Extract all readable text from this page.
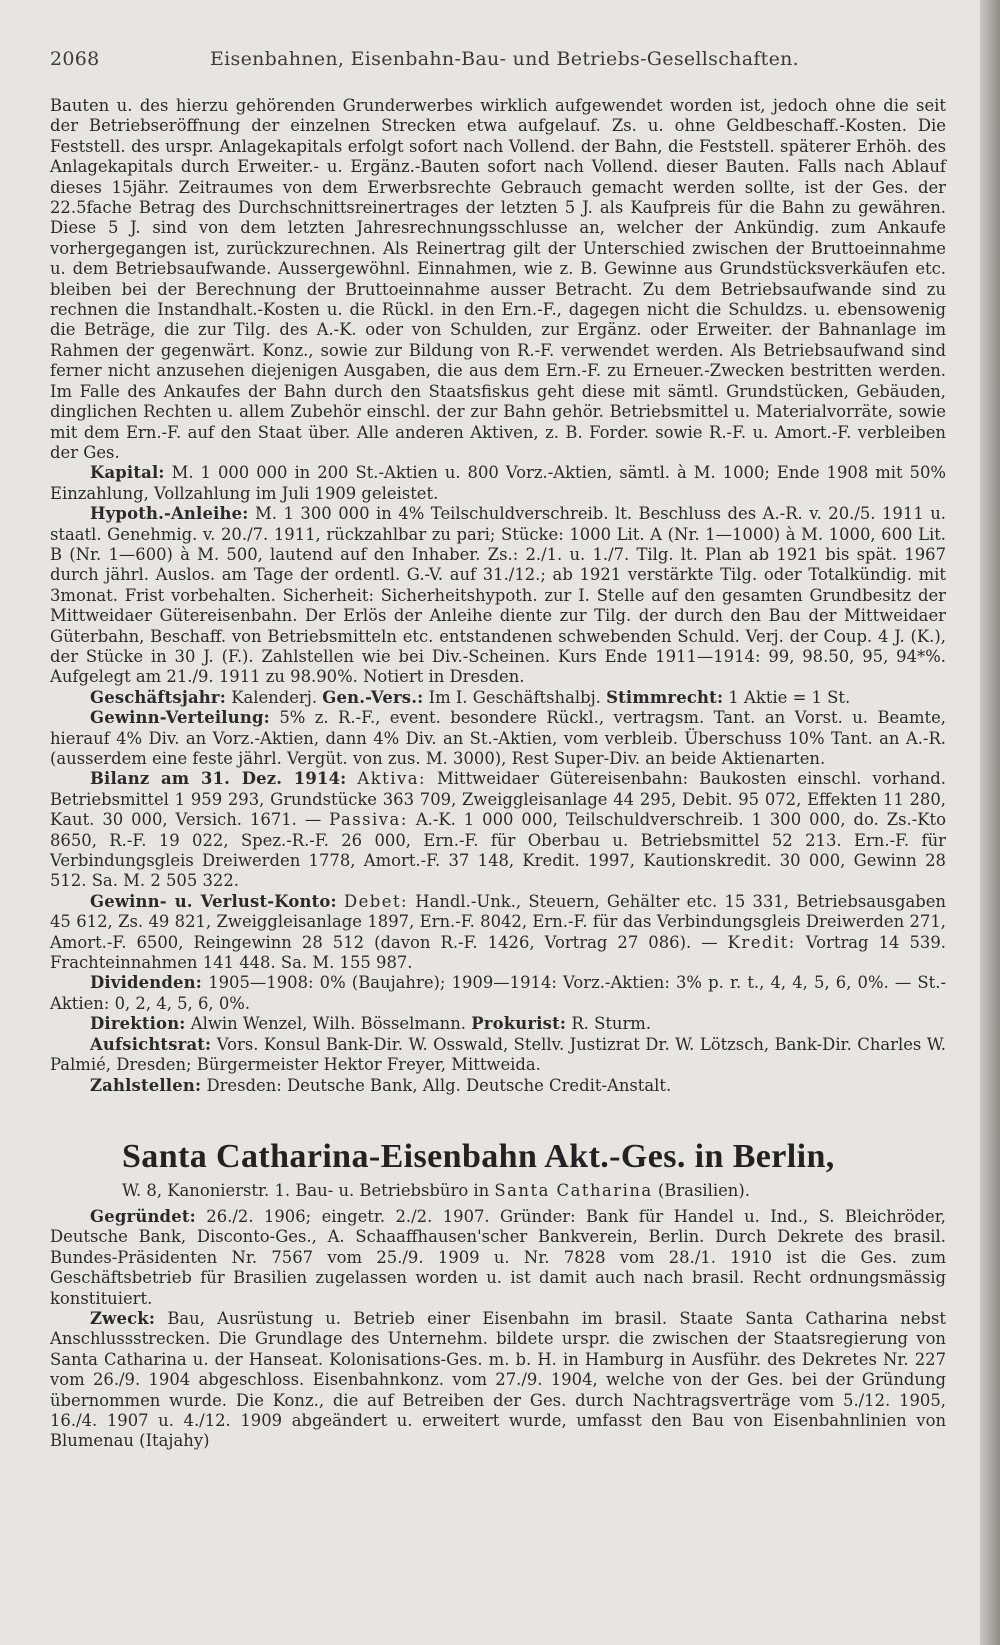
2068	Eisenbahnen, Eisenbahn-Bau- und Betriebs-Gesellschaften.

Bauten u. des hierzu gehörenden Grunderwerbes wirklich aufgewendet worden ist, jedoch ohne die seit der Betriebseröffnung der einzelnen Strecken etwa aufgelauf. Zs. u. ohne Geldbeschaff.-Kosten. Die Feststell. des urspr. Anlagekapitals erfolgt sofort nach Vollend. der Bahn, die Feststell. späterer Erhöh. des Anlagekapitals durch Erweiter.- u. Ergänz.-Bauten sofort nach Vollend. dieser Bauten. Falls nach Ablauf dieses 15jähr. Zeitraumes von dem Erwerbsrechte Gebrauch gemacht werden sollte, ist der Ges. der 22.5fache Betrag des Durchschnittsreinertrages der letzten 5 J. als Kaufpreis für die Bahn zu gewähren. Diese 5 J. sind von dem letzten Jahresrechnungsschlusse an, welcher der Ankündig. zum Ankaufe vorhergegangen ist, zurückzurechnen. Als Reinertrag gilt der Unterschied zwischen der Bruttoeinnahme u. dem Betriebsaufwande. Aussergewöhnl. Einnahmen, wie z. B. Gewinne aus Grundstücksverkäufen etc. bleiben bei der Berechnung der Bruttoeinnahme ausser Betracht. Zu dem Betriebsaufwande sind zu rechnen die Instandhalt.-Kosten u. die Rückl. in den Ern.-F., dagegen nicht die Schuldzs. u. ebensowenig die Beträge, die zur Tilg. des A.-K. oder von Schulden, zur Ergänz. oder Erweiter. der Bahnanlage im Rahmen der gegenwärt. Konz., sowie zur Bildung von R.-F. verwendet werden. Als Betriebsaufwand sind ferner nicht anzusehen diejenigen Ausgaben, die aus dem Ern.-F. zu Erneuer.-Zwecken bestritten werden. Im Falle des Ankaufes der Bahn durch den Staatsfiskus geht diese mit sämtl. Grundstücken, Gebäuden, dinglichen Rechten u. allem Zubehör einschl. der zur Bahn gehör. Betriebsmittel u. Materialvorräte, sowie mit dem Ern.-F. auf den Staat über. Alle anderen Aktiven, z. B. Forder. sowie R.-F. u. Amort.-F. verbleiben der Ges.

Kapital: M. 1 000 000 in 200 St.-Aktien u. 800 Vorz.-Aktien, sämtl. à M. 1000; Ende 1908 mit 50% Einzahlung, Vollzahlung im Juli 1909 geleistet.

Hypoth.-Anleihe: M. 1 300 000 in 4% Teilschuldverschreib. lt. Beschluss des A.-R. v. 20./5. 1911 u. staatl. Genehmig. v. 20./7. 1911, rückzahlbar zu pari; Stücke: 1000 Lit. A (Nr. 1—1000) à M. 1000, 600 Lit. B (Nr. 1—600) à M. 500, lautend auf den Inhaber. Zs.: 2./1. u. 1./7. Tilg. lt. Plan ab 1921 bis spät. 1967 durch jährl. Auslos. am Tage der ordentl. G.-V. auf 31./12.; ab 1921 verstärkte Tilg. oder Totalkündig. mit 3monat. Frist vorbehalten. Sicherheit: Sicherheitshypoth. zur I. Stelle auf den gesamten Grundbesitz der Mittweidaer Gütereisenbahn. Der Erlös der Anleihe diente zur Tilg. der durch den Bau der Mittweidaer Güterbahn, Beschaff. von Betriebsmitteln etc. entstandenen schwebenden Schuld. Verj. der Coup. 4 J. (K.), der Stücke in 30 J. (F.). Zahlstellen wie bei Div.-Scheinen. Kurs Ende 1911—1914: 99, 98.50, 95, 94*%. Aufgelegt am 21./9. 1911 zu 98.90%. Notiert in Dresden.

Geschäftsjahr: Kalenderj. Gen.-Vers.: Im I. Geschäftshalbj. Stimmrecht: 1 Aktie = 1 St.

Gewinn-Verteilung: 5% z. R.-F., event. besondere Rückl., vertragsm. Tant. an Vorst. u. Beamte, hierauf 4% Div. an Vorz.-Aktien, dann 4% Div. an St.-Aktien, vom verbleib. Überschuss 10% Tant. an A.-R. (ausserdem eine feste jährl. Vergüt. von zus. M. 3000), Rest Super-Div. an beide Aktienarten.

Bilanz am 31. Dez. 1914: Aktiva: Mittweidaer Gütereisenbahn: Baukosten einschl. vorhand. Betriebsmittel 1 959 293, Grundstücke 363 709, Zweiggleisanlage 44 295, Debit. 95 072, Effekten 11 280, Kaut. 30 000, Versich. 1671. — Passiva: A.-K. 1 000 000, Teilschuldverschreib. 1 300 000, do. Zs.-Kto 8650, R.-F. 19 022, Spez.-R.-F. 26 000, Ern.-F. für Oberbau u. Betriebsmittel 52 213. Ern.-F. für Verbindungsgleis Dreiwerden 1778, Amort.-F. 37 148, Kredit. 1997, Kautionskredit. 30 000, Gewinn 28 512. Sa. M. 2 505 322.

Gewinn- u. Verlust-Konto: Debet: Handl.-Unk., Steuern, Gehälter etc. 15 331, Betriebsausgaben 45 612, Zs. 49 821, Zweiggleisanlage 1897, Ern.-F. 8042, Ern.-F. für das Verbindungsgleis Dreiwerden 271, Amort.-F. 6500, Reingewinn 28 512 (davon R.-F. 1426, Vortrag 27 086). — Kredit: Vortrag 14 539. Frachteinnahmen 141 448. Sa. M. 155 987.

Dividenden: 1905—1908: 0% (Baujahre); 1909—1914: Vorz.-Aktien: 3% p. r. t., 4, 4, 5, 6, 0%. — St.-Aktien: 0, 2, 4, 5, 6, 0%.

Direktion: Alwin Wenzel, Wilh. Bösselmann. Prokurist: R. Sturm.

Aufsichtsrat: Vors. Konsul Bank-Dir. W. Osswald, Stellv. Justizrat Dr. W. Lötzsch, Bank-Dir. Charles W. Palmié, Dresden; Bürgermeister Hektor Freyer, Mittweida.

Zahlstellen: Dresden: Deutsche Bank, Allg. Deutsche Credit-Anstalt.

Santa Catharina-Eisenbahn Akt.-Ges. in Berlin,
W. 8, Kanonierstr. 1. Bau- u. Betriebsbüro in Santa Catharina (Brasilien).

Gegründet: 26./2. 1906; eingetr. 2./2. 1907. Gründer: Bank für Handel u. Ind., S. Bleichröder, Deutsche Bank, Disconto-Ges., A. Schaaffhausen'scher Bankverein, Berlin. Durch Dekrete des brasil. Bundes-Präsidenten Nr. 7567 vom 25./9. 1909 u. Nr. 7828 vom 28./1. 1910 ist die Ges. zum Geschäftsbetrieb für Brasilien zugelassen worden u. ist damit auch nach brasil. Recht ordnungsmässig konstituiert.

Zweck: Bau, Ausrüstung u. Betrieb einer Eisenbahn im brasil. Staate Santa Catharina nebst Anschlussstrecken. Die Grundlage des Unternehm. bildete urspr. die zwischen der Staatsregierung von Santa Catharina u. der Hanseat. Kolonisations-Ges. m. b. H. in Hamburg in Ausführ. des Dekretes Nr. 227 vom 26./9. 1904 abgeschloss. Eisenbahnkonz. vom 27./9. 1904, welche von der Ges. bei der Gründung übernommen wurde. Die Konz., die auf Betreiben der Ges. durch Nachtragsverträge vom 5./12. 1905, 16./4. 1907 u. 4./12. 1909 abgeändert u. erweitert wurde, umfasst den Bau von Eisenbahnlinien von Blumenau (Itajahy)
